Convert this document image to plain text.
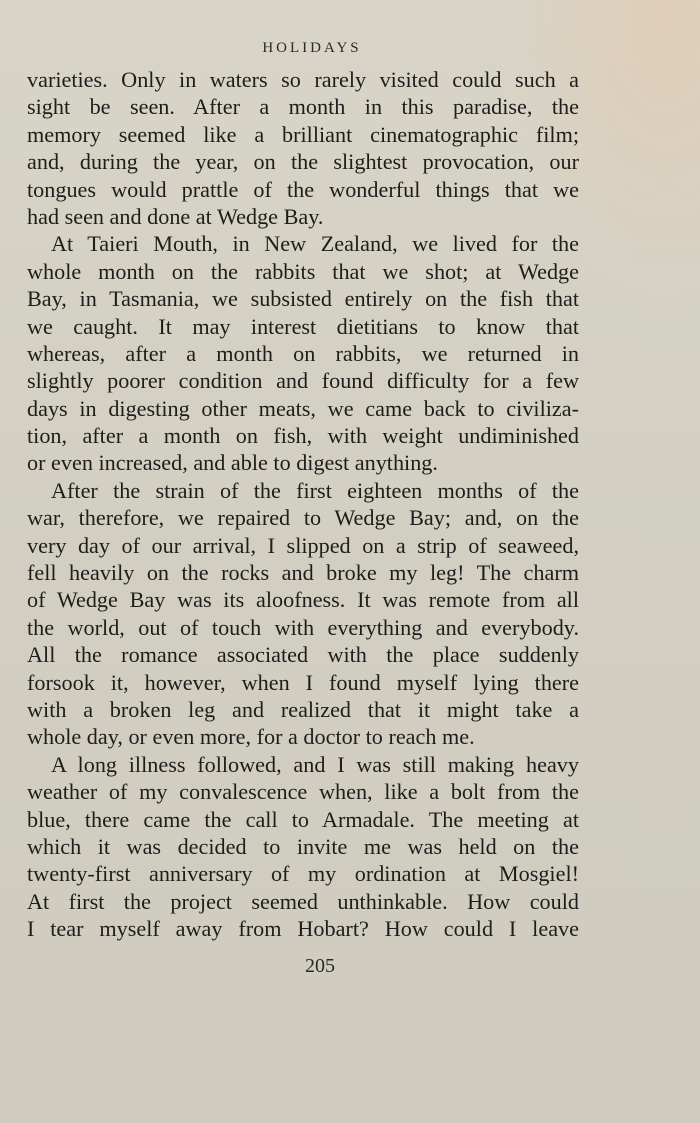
HOLIDAYS
varieties. Only in waters so rarely visited could such a
sight be seen. After a month in this paradise, the
memory seemed like a brilliant cinematographic film;
and, during the year, on the slightest provocation, our
tongues would prattle of the wonderful things that we
had seen and done at Wedge Bay.
At Taieri Mouth, in New Zealand, we lived for the
whole month on the rabbits that we shot; at Wedge
Bay, in Tasmania, we subsisted entirely on the fish that
we caught. It may interest dietitians to know that
whereas, after a month on rabbits, we returned in
slightly poorer condition and found difficulty for a few
days in digesting other meats, we came back to civiliza-
tion, after a month on fish, with weight undiminished
or even increased, and able to digest anything.
After the strain of the first eighteen months of the
war, therefore, we repaired to Wedge Bay; and, on the
very day of our arrival, I slipped on a strip of seaweed,
fell heavily on the rocks and broke my leg! The charm
of Wedge Bay was its aloofness. It was remote from all
the world, out of touch with everything and everybody.
All the romance associated with the place suddenly
forsook it, however, when I found myself lying there
with a broken leg and realized that it might take a
whole day, or even more, for a doctor to reach me.
A long illness followed, and I was still making heavy
weather of my convalescence when, like a bolt from the
blue, there came the call to Armadale. The meeting at
which it was decided to invite me was held on the
twenty-first anniversary of my ordination at Mosgiel!
At first the project seemed unthinkable. How could
I tear myself away from Hobart? How could I leave
205
